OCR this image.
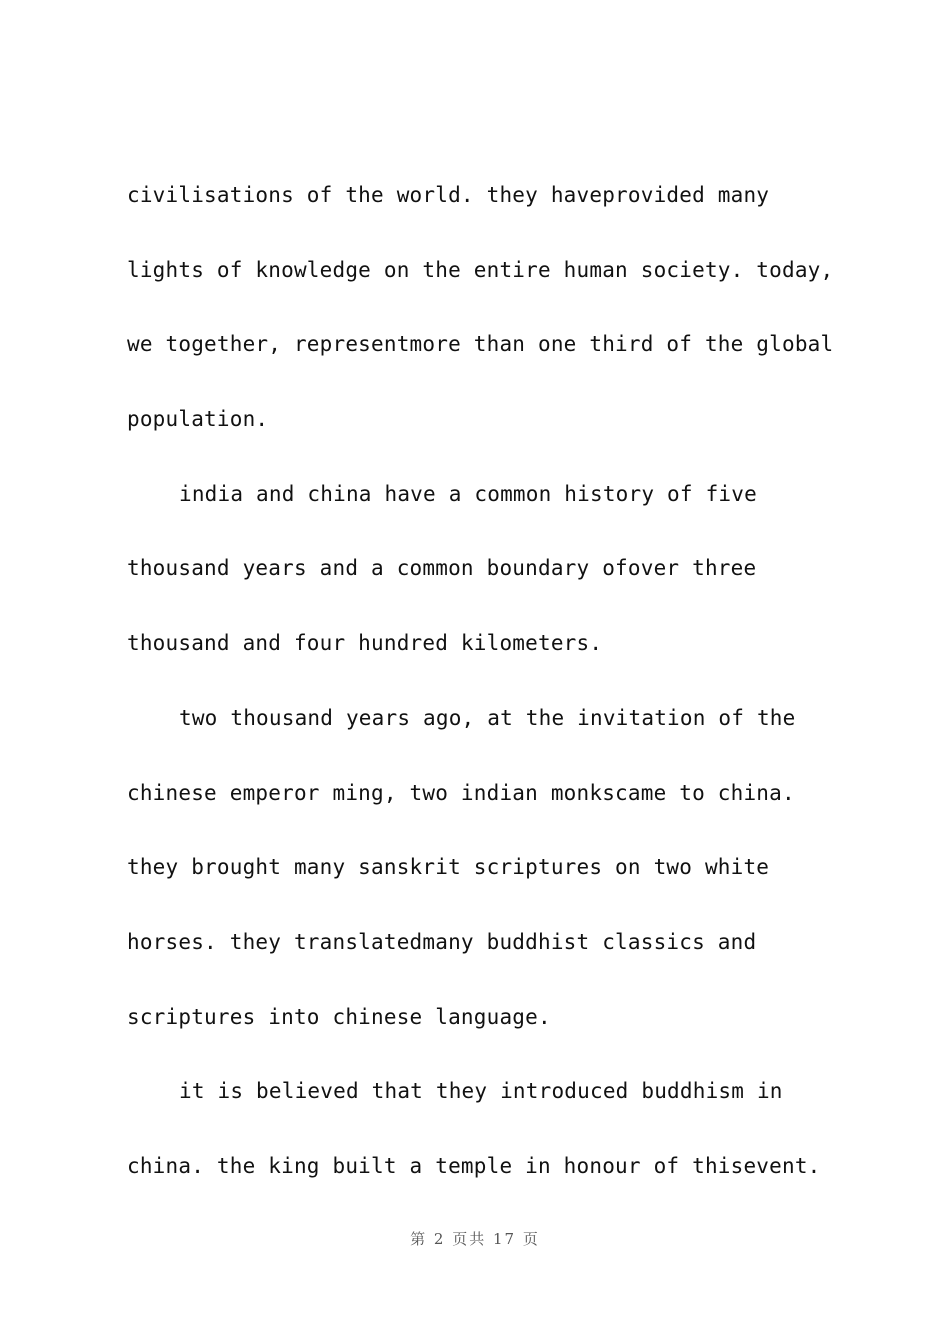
civilisations of the world. they haveprovided many
lights of knowledge on the entire human society. today,
we together, representmore than one third of the global
population.
india and china have a common history of five
thousand years and a common boundary ofover three
thousand and four hundred kilometers.
two thousand years ago, at the invitation of the
chinese emperor ming, two indian monkscame to china.
they brought many sanskrit scriptures on two white
horses. they translatedmany buddhist classics and
scriptures into chinese language.
it is believed that they introduced buddhism in
china. the king built a temple in honour of thisevent.
第 2 页共 17 页
